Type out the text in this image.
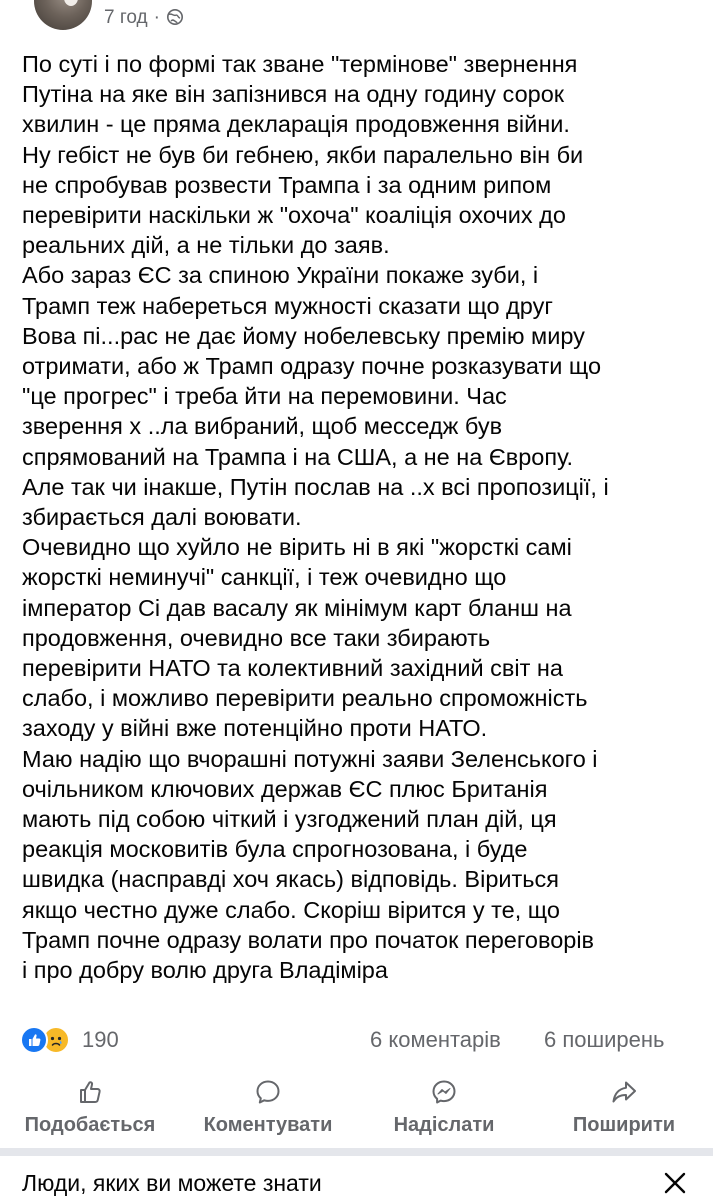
7 год ·

По суті і по формі так зване "термінове" звернення

Путіна на яке він запізнився на одну годину сорок

хвилин - це пряма декларація продовження війни.

Ну гебіст не був би гебнею, якби паралельно він би

не спробував розвести Трампа і за одним рипом

перевірити наскільки ж "охоча" коаліція охочих до

реальних дій, а не тільки до заяв.

Або зараз ЄС за спиною України покаже зуби, і

Трамп теж набереться мужності сказати що друг

Вова пі...рас не дає йому нобелевську премію миру

отримати, або ж Трамп одразу почне розказувати що

"це прогрес" і треба йти на перемовини. Час

зверення х ..ла вибраний, щоб месседж був

спрямований на Трампа і на США, а не на Європу.

Але так чи інакше, Путін послав на ..х всі пропозиції, і

збирається далі воювати.

Очевидно що хуйло не вірить ні в які "жорсткі самі

жорсткі неминучі" санкції, і теж очевидно що

імператор Сі дав васалу як мінімум карт бланш на

продовження, очевидно все таки збирають

перевірити НАТО та колективний західний світ на

слабо, і можливо перевірити реально спроможність

заходу у війні вже потенційно проти НАТО.

Маю надію що вчорашні потужні заяви Зеленського і

очільником ключових держав ЄС плюс Британія

мають під собою чіткий і узгоджений план дій, ця

реакція московитів була спрогнозована, і буде

швидка (насправді хоч якась) відповідь. Віриться

якщо честно дуже слабо. Скоріш вірится у те, що

Трамп почне одразу волати про початок переговорів

і про добру волю друга Владіміра

190	6 коментарів 6 поширень
Подобається	Коментувати	Надіслати	Поширити
Люди, яких ви можете знати
